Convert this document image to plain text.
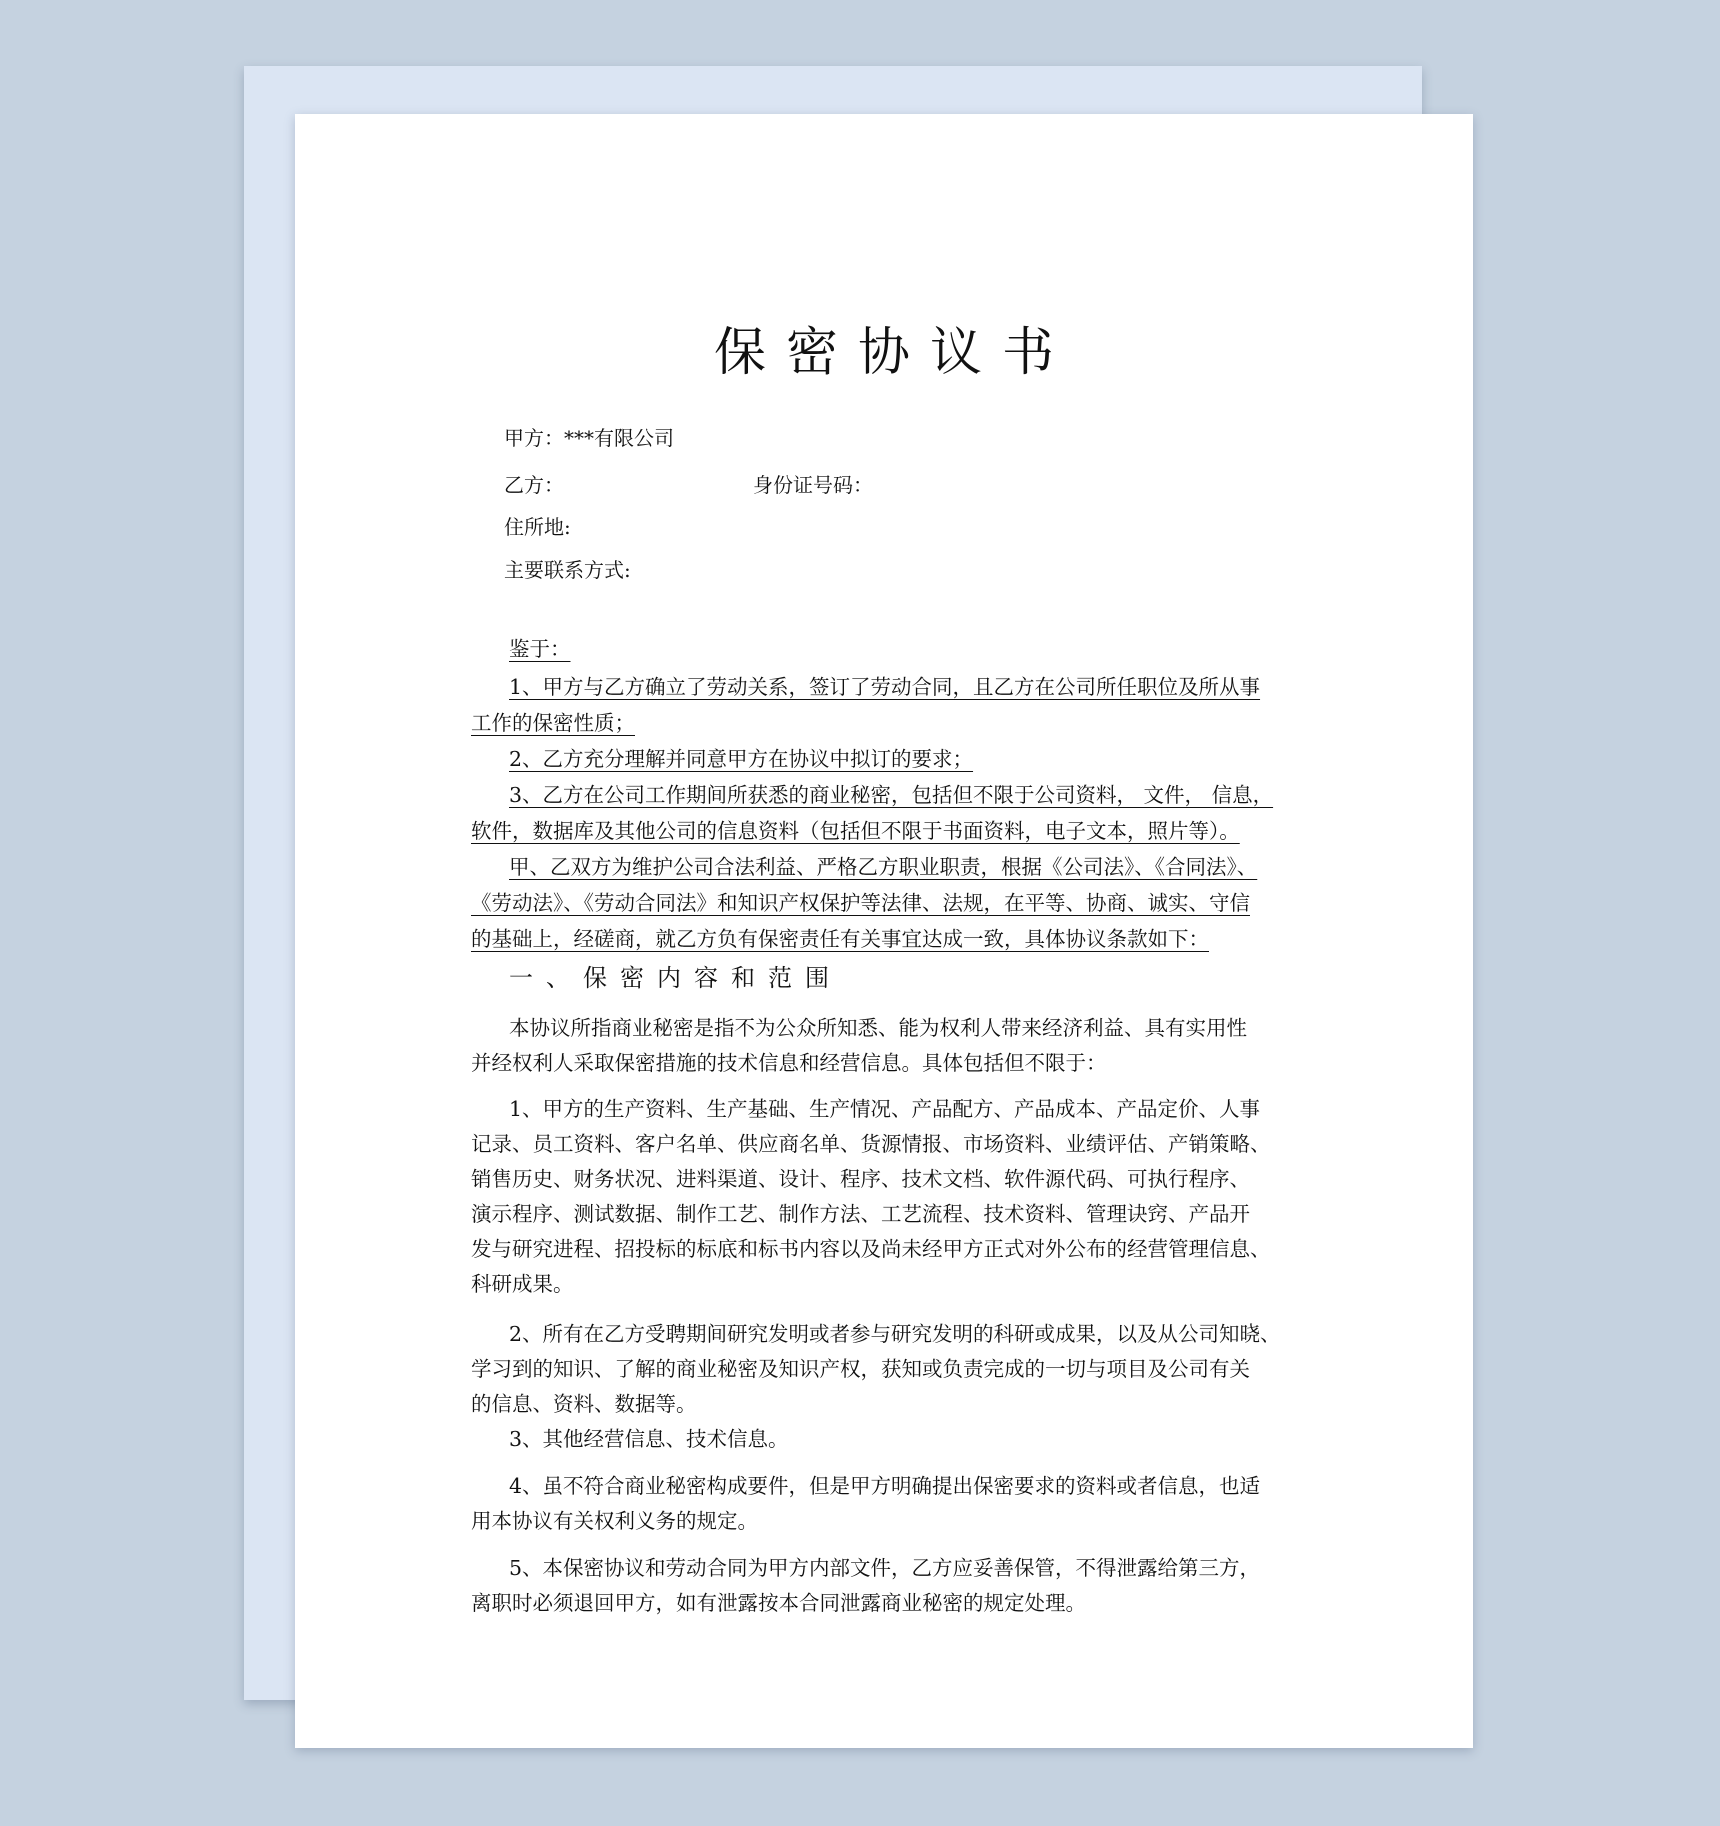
保密协议书
甲方：***有限公司
乙方：	身份证号码：
住所地:
主要联系方式:
鉴于：
1、甲方与乙方确立了劳动关系，签订了劳动合同，且乙方在公司所任职位及所从事
工作的保密性质；
2、乙方充分理解并同意甲方在协议中拟订的要求；
3、乙方在公司工作期间所获悉的商业秘密，包括但不限于公司资料， 文件， 信息，
软件，数据库及其他公司的信息资料（包括但不限于书面资料，电子文本，照片等）。
甲、乙双方为维护公司合法利益、严格乙方职业职责，根据《公司法》、《合同法》、
《劳动法》、《劳动合同法》和知识产权保护等法律、法规，在平等、协商、诚实、守信
的基础上，经磋商，就乙方负有保密责任有关事宜达成一致，具体协议条款如下：
一、保密内容和范围
本协议所指商业秘密是指不为公众所知悉、能为权利人带来经济利益、具有实用性
并经权利人采取保密措施的技术信息和经营信息。具体包括但不限于：
1、甲方的生产资料、生产基础、生产情况、产品配方、产品成本、产品定价、人事
记录、员工资料、客户名单、供应商名单、货源情报、市场资料、业绩评估、产销策略、
销售历史、财务状况、进料渠道、设计、程序、技术文档、软件源代码、可执行程序、
演示程序、测试数据、制作工艺、制作方法、工艺流程、技术资料、管理诀窍、产品开
发与研究进程、招投标的标底和标书内容以及尚未经甲方正式对外公布的经营管理信息、
科研成果。
2、所有在乙方受聘期间研究发明或者参与研究发明的科研或成果，以及从公司知晓、
学习到的知识、了解的商业秘密及知识产权，获知或负责完成的一切与项目及公司有关
的信息、资料、数据等。
3、其他经营信息、技术信息。
4、虽不符合商业秘密构成要件，但是甲方明确提出保密要求的资料或者信息，也适
用本协议有关权利义务的规定。
5、本保密协议和劳动合同为甲方内部文件，乙方应妥善保管，不得泄露给第三方，
离职时必须退回甲方，如有泄露按本合同泄露商业秘密的规定处理。
